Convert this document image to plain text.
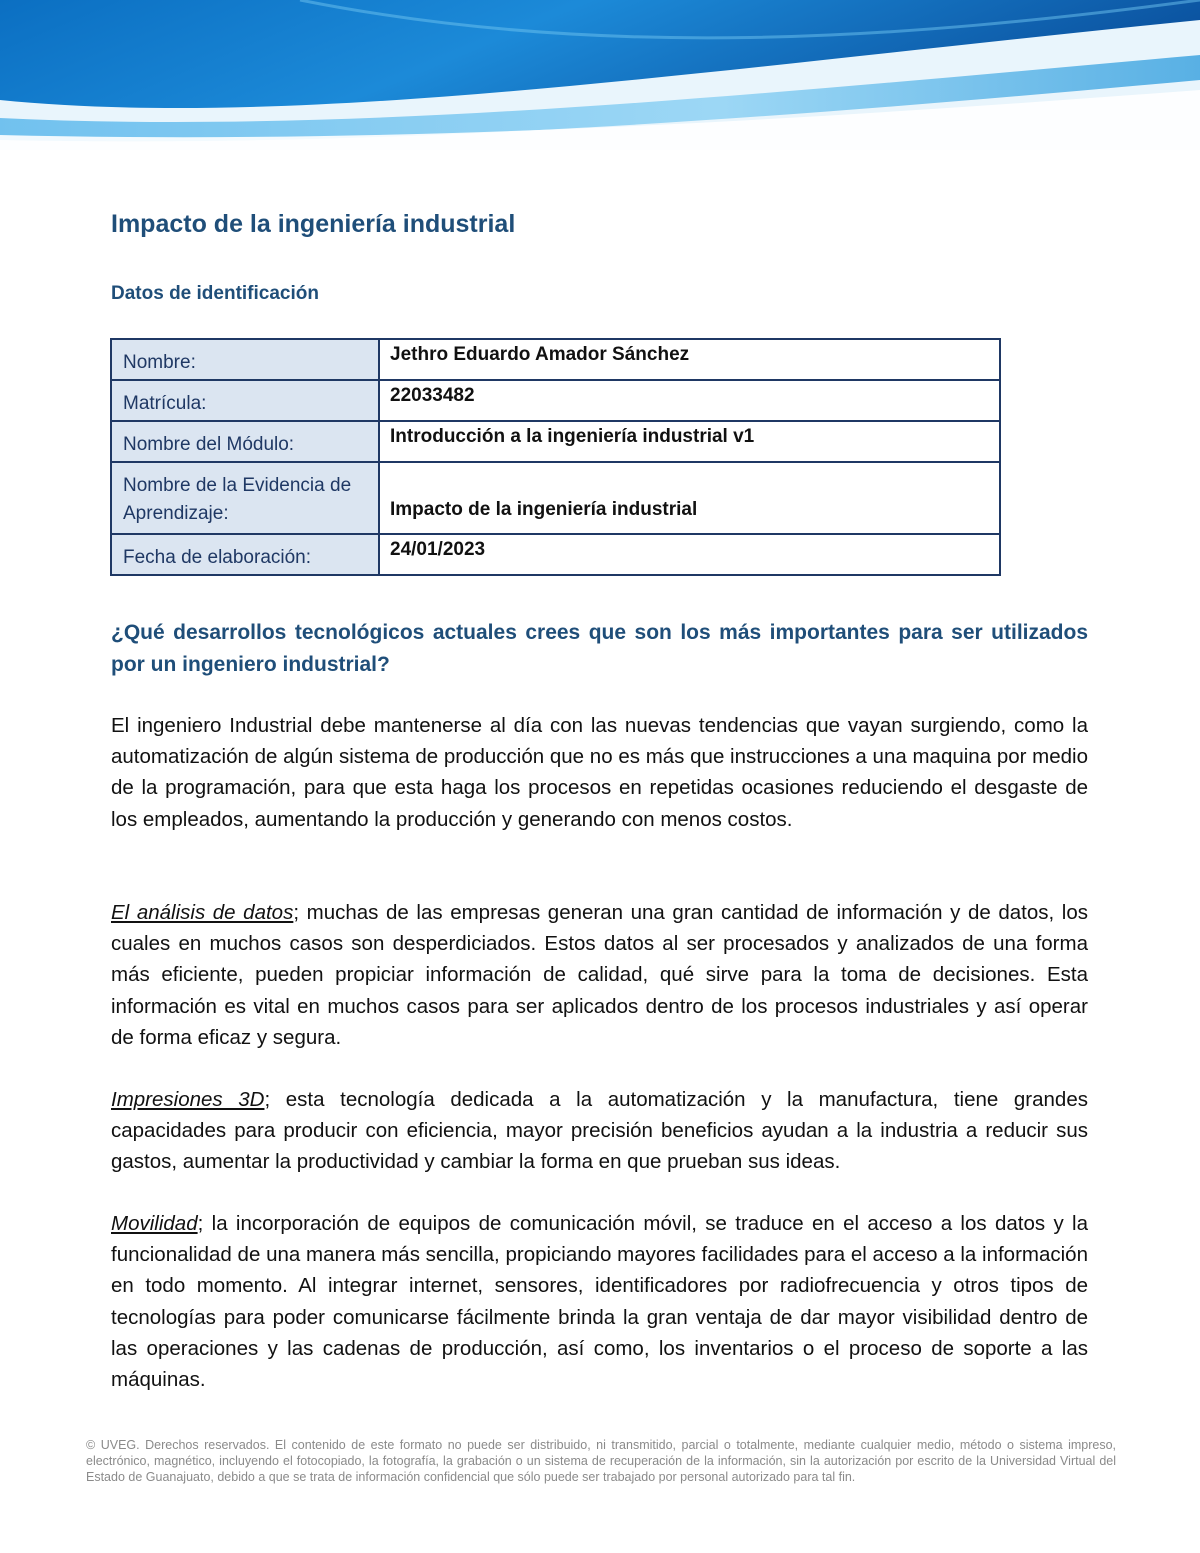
Impacto de la ingeniería industrial
Datos de identificación
Nombre:	Jethro Eduardo Amador Sánchez
Matrícula:	22033482
Nombre del Módulo:	Introducción a la ingeniería industrial v1
Nombre de la Evidencia de Aprendizaje:	Impacto de la ingeniería industrial
Fecha de elaboración:	24/01/2023
¿Qué desarrollos tecnológicos actuales crees que son los más importantes para ser utilizados por un ingeniero industrial?

El ingeniero Industrial debe mantenerse al día con las nuevas tendencias que vayan surgiendo, como la automatización de algún sistema de producción que no es más que instrucciones a una maquina por medio de la programación, para que esta haga los procesos en repetidas ocasiones reduciendo el desgaste de los empleados, aumentando la producción y generando con menos costos.

El análisis de datos; muchas de las empresas generan una gran cantidad de información y de datos, los cuales en muchos casos son desperdiciados. Estos datos al ser procesados y analizados de una forma más eficiente, pueden propiciar información de calidad, qué sirve para la toma de decisiones. Esta información es vital en muchos casos para ser aplicados dentro de los procesos industriales y así operar de forma eficaz y segura.

Impresiones 3D; esta tecnología dedicada a la automatización y la manufactura, tiene grandes capacidades para producir con eficiencia, mayor precisión beneficios ayudan a la industria a reducir sus gastos, aumentar la productividad y cambiar la forma en que prueban sus ideas.

Movilidad; la incorporación de equipos de comunicación móvil, se traduce en el acceso a los datos y la funcionalidad de una manera más sencilla, propiciando mayores facilidades para el acceso a la información en todo momento. Al integrar internet, sensores, identificadores por radiofrecuencia y otros tipos de tecnologías para poder comunicarse fácilmente brinda la gran ventaja de dar mayor visibilidad dentro de las operaciones y las cadenas de producción, así como, los inventarios o el proceso de soporte a las máquinas.

© UVEG. Derechos reservados. El contenido de este formato no puede ser distribuido, ni transmitido, parcial o totalmente, mediante cualquier medio, método o sistema impreso, electrónico, magnético, incluyendo el fotocopiado, la fotografía, la grabación o un sistema de recuperación de la información, sin la autorización por escrito de la Universidad Virtual del Estado de Guanajuato, debido a que se trata de información confidencial que sólo puede ser trabajado por personal autorizado para tal fin.
